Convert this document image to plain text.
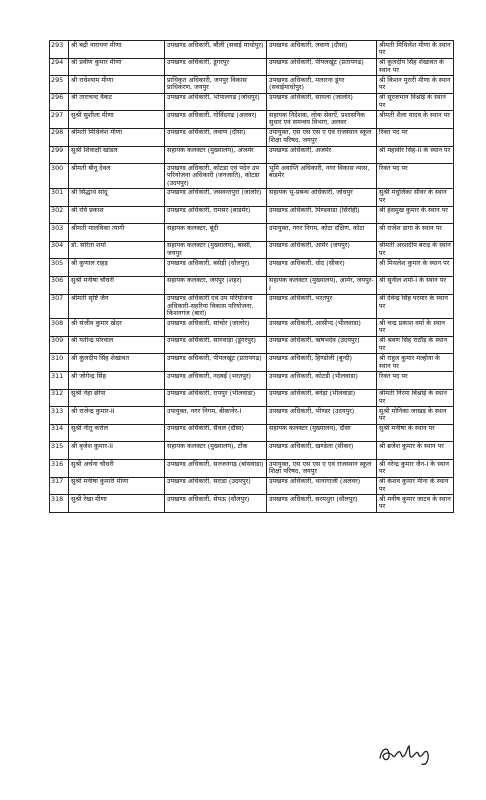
293	श्री बद्री नारायण मीणा	उपखण्ड अधिकारी, बौंली (सवाई माधोपुर)	उपखण्ड अधिकारी, लवाण (दौसा)	श्रीमती मिथिलेश मीणा के स्थान पर
294	श्री प्रवीण कुमार मीणा	उपखण्ड अधिकारी, डूंगरपुर	उपखण्ड अधिकारी, पीपलखूंट (प्रतापगढ)	श्री कुलदीप सिंह शेखावत के स्थान पर
295	श्री राधेश्याम मीणा	प्राधिकृत अधिकारी, जयपुर विकास प्राधिकरण, जयपुर	उपखण्ड अधिकारी, मलारना डूंगर (सवाईमाधोपुर)	श्री किशन मुरारी मीणा के स्थान पर
296	श्री ताराचन्द वैकट	उपखण्ड अधिकारी, भोपालगढ (जोधपुर)	उपखण्ड अधिकारी, सायला (जालोर)	श्री सूरजभान विश्नोई के स्थान पर
297	सुश्री सुशीला मीणा	उपखण्ड अधिकारी, गोविंदगढ (अलवर)	सहायक निदेशक, लोक सेवाऐं, प्रशासनिक सुधार एवं समन्वय विभाग, अलवर	श्रीमती शैला यादव के स्थान पर
298	श्रीमती मिथिलेश मीणा	उपखण्ड अधिकारी, लवाण (दौसा)	उपायुक्त, एस एस एस ए एवं राजस्थान स्कूल शिक्षा परिषद, जयपुर	रिक्त पद पर
299	सुश्री शिवाक्षी खांडल	सहायक कलक्टर (मुख्यालय), अजमेर	उपखण्ड अधिकारी, अजमेर	श्री महावीर सिंह-II के स्थान पर
300	श्रीमती बीनू देवल	उपखण्ड अधिकारी, कोटडा एवं पदेन उप परियोजना अधिकारी (जनजाति), कोटडा (उदयपुर)	भूमि अवाप्ति अधिकारी, नगर विकास न्यास, बाडमेर	रिक्त पद पर
301	श्री सिद्धार्थ सांदू	उपखण्ड अधिकारी, जसवन्तपुरा (जालोर)	सहायक भू-प्रबन्ध अधिकारी, जोधपुर	सुश्री मधुलिका सीवर के स्थान पर
302	श्री रवि प्रकाश	उपखण्ड अधिकारी, रामसर (बाडमेर)	उपखण्ड अधिकारी, पिण्डवाडा (सिरोही)	श्री हंसमुख कुमार के स्थान पर
303	श्रीमती मालविका त्यागी	सहायक कलक्टर, बूंदी	उपायुक्त, नगर निगम, कोटा दक्षिण, कोटा	श्री राजेश डागा के स्थान पर
304	डॉ. सरिता शर्मा	सहायक कलक्टर (मुख्यालय), बस्सी, जयपुर	उपखण्ड अधिकारी, आमेर (जयपुर)	श्रीमती अरशदीप बराड़ के स्थान पर
305	श्री कुणाल राहड़	उपखण्ड अधिकारी, बसेड़ी (धौलपुर)	उपखण्ड अधिकारी, धोद (सीकर)	श्री मिथलेश कुमार के स्थान पर
306	सुश्री मनीषा चौधरी	सहायक कलक्टर, जयपुर (शहर)	सहायक कलक्टर (मुख्यालय), आमेर, जयपुर-I	श्री सुनील शर्मा-I के स्थान पर
307	श्रीमती सृष्टि जैन	उपखण्ड अधिकारी एवं उप परियोजना अधिकारी-सहरिया विकास परियोजना, किशनगंज (बारां)	उपखण्ड अधिकारी, भरतपुर	श्री देवेन्द्र सिंह परमार के स्थान पर
308	श्री संजीव कुमार खेदर	उपखण्ड अधिकारी, सांचोर (जालोर)	उपखण्ड अधिकारी, आसीन्द (भीलवाडा)	श्री चन्द्र प्रकाश वर्मा के स्थान पर
309	श्री यतीन्द्र पोरवाल	उपखण्ड अधिकारी, सागवाड़ा (डूंगरपुर)	उपखण्ड अधिकारी, ऋषभदेव (उदयपुर)	श्री श्रवण सिंह राठौड़ के स्थान पर
310	श्री कुलदीप सिंह शेखावत	उपखण्ड अधिकारी, पीपलखूंट (प्रतापगढ)	उपखण्ड अधिकारी, हिण्डोली (बून्दी)	श्री राहुल कुमार मल्होत्रा के स्थान पर
311	श्री जोगेन्द्र सिंह	उपखण्ड अधिकारी, नदबई (भरतपुर)	उपखण्ड अधिकारी, कोटडी (भीलवाडा)	रिक्त पद पर
312	सुश्री नेहा छीपा	उपखण्ड अधिकारी, रायपुर (भीलवाडा)	उपखण्ड अधिकारी, बनेड़ा (भीलवाडा)	श्रीमती निरमा बिश्नोई के स्थान पर
313	श्री राजेन्द्र कुमार-II	उपायुक्त, नगर निगम, बीकानेर-I	उपखण्ड अधिकारी, भीण्डर (उदयपुर)	सुश्री मोनिका जाखड़ के स्थान पर
314	सुश्री नीतू करोल	उपखण्ड अधिकारी, सैंथल (दौसा)	सहायक कलक्टर (मुख्यालय), दौसा	सुश्री मनीषा के स्थान पर
315	श्री बृजेश कुमार-II	सहायक कलक्टर (मुख्यालय), टोंक	उपखण्ड अधिकारी, खण्डेला (सीकर)	श्री ब्रजेश कुमार के स्थान पर
316	सुश्री अर्चना चौधरी	उपखण्ड अधिकारी, सज्जनगढ़ (बांसवाडा)	उपायुक्त, एस एस एस ए एवं राजस्थान स्कूल शिक्षा परिषद, जयपुर	श्री नरेन्द्र कुमार जैन-I के स्थान पर
317	सुश्री मनीषा कुमारी मीणा	उपखण्ड अधिकारी, सराडा (उदयपुर)	उपखण्ड अधिकारी, थानागाजी (अलवर)	श्री केशव कुमार मीना के स्थान पर
318	सुश्री रेखा मीणा	उपखण्ड अधिकारी, सेपऊ (धौलपुर)	उपखण्ड अधिकारी, सरमथुरा (धौलपुर)	श्री मनीष कुमार जाटव के स्थान पर
